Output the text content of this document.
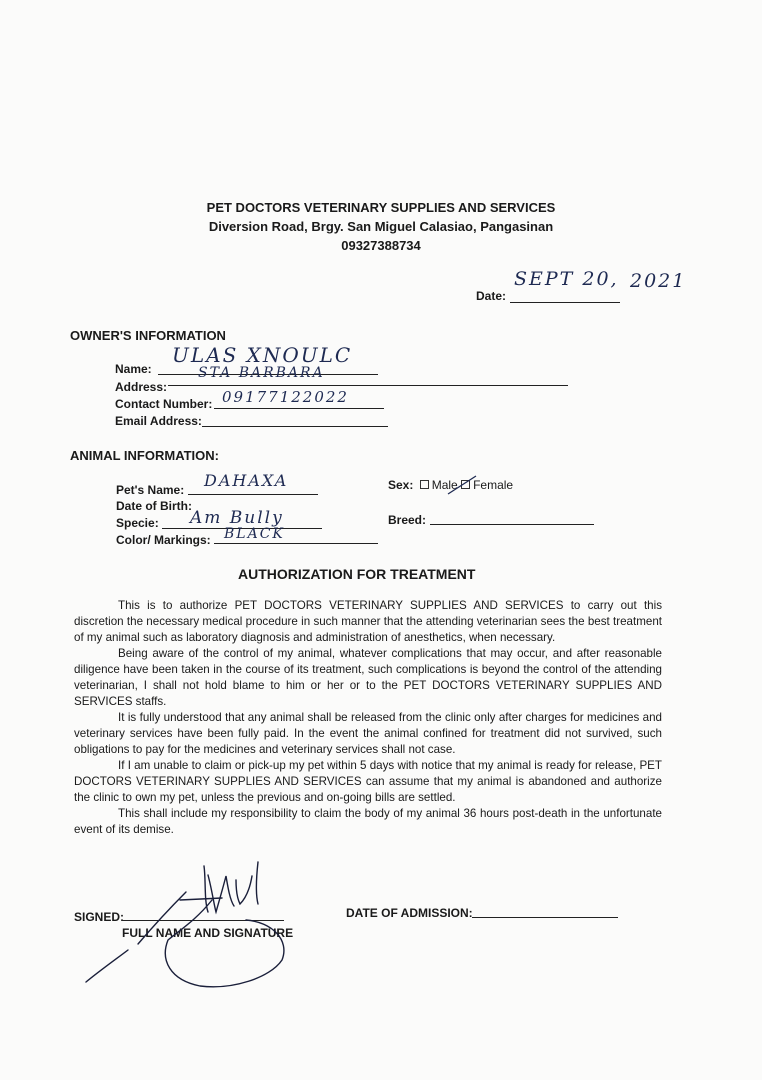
PET DOCTORS VETERINARY SUPPLIES AND SERVICES
Diversion Road, Brgy. San Miguel Calasiao, Pangasinan
09327388734
Date:
SEPT 20, 2021
OWNER'S INFORMATION
Name:
ULAS XNOULC
Address:
STA BARBARA
Contact Number: 09177122022
Email Address:
ANIMAL INFORMATION:
Pet's Name: DAHAXA
Date of Birth:
Specie: Am Bully
Color/ Markings: BLACK
Sex: Male Female
Breed:
AUTHORIZATION FOR TREATMENT

This is to authorize PET DOCTORS VETERINARY SUPPLIES AND SERVICES to carry out this discretion the necessary medical procedure in such manner that the attending veterinarian sees the best treatment of my animal such as laboratory diagnosis and administration of anesthetics, when necessary.

Being aware of the control of my animal, whatever complications that may occur, and after reasonable diligence have been taken in the course of its treatment, such complications is beyond the control of the attending veterinarian, I shall not hold blame to him or her or to the PET DOCTORS VETERINARY SUPPLIES AND SERVICES staffs.

It is fully understood that any animal shall be released from the clinic only after charges for medicines and veterinary services have been fully paid. In the event the animal confined for treatment did not survived, such obligations to pay for the medicines and veterinary services shall not case.

If I am unable to claim or pick-up my pet within 5 days with notice that my animal is ready for release, PET DOCTORS VETERINARY SUPPLIES AND SERVICES can assume that my animal is abandoned and authorize the clinic to own my pet, unless the previous and on-going bills are settled.

This shall include my responsibility to claim the body of my animal 36 hours post-death in the unfortunate event of its demise.

SIGNED:
FULL NAME AND SIGNATURE
DATE OF ADMISSION:
